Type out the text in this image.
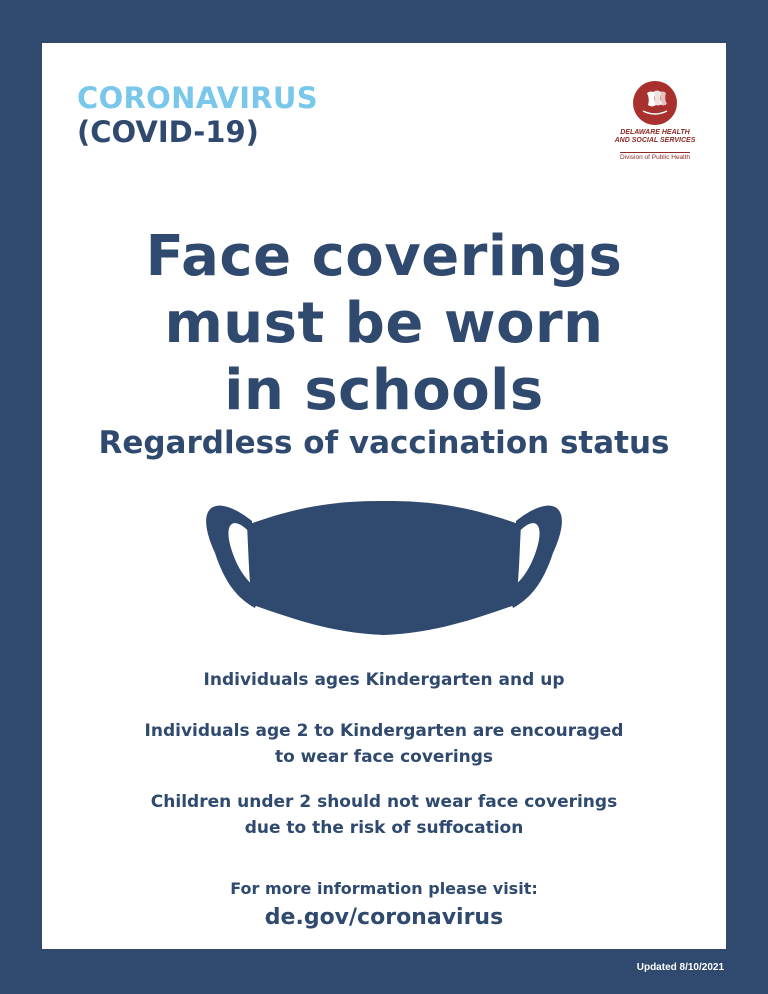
CORONAVIRUS
(COVID-19)	DELAWARE HEALTH
AND SOCIAL SERVICES
Division of Public Health
Face coverings
must be worn
in schools
Regardless of vaccination status
Individuals ages Kindergarten and up
Individuals age 2 to Kindergarten are encouraged
to wear face coverings
Children under 2 should not wear face coverings
due to the risk of suffocation
For more information please visit:
de.gov/coronavirus
Updated 8/10/2021
